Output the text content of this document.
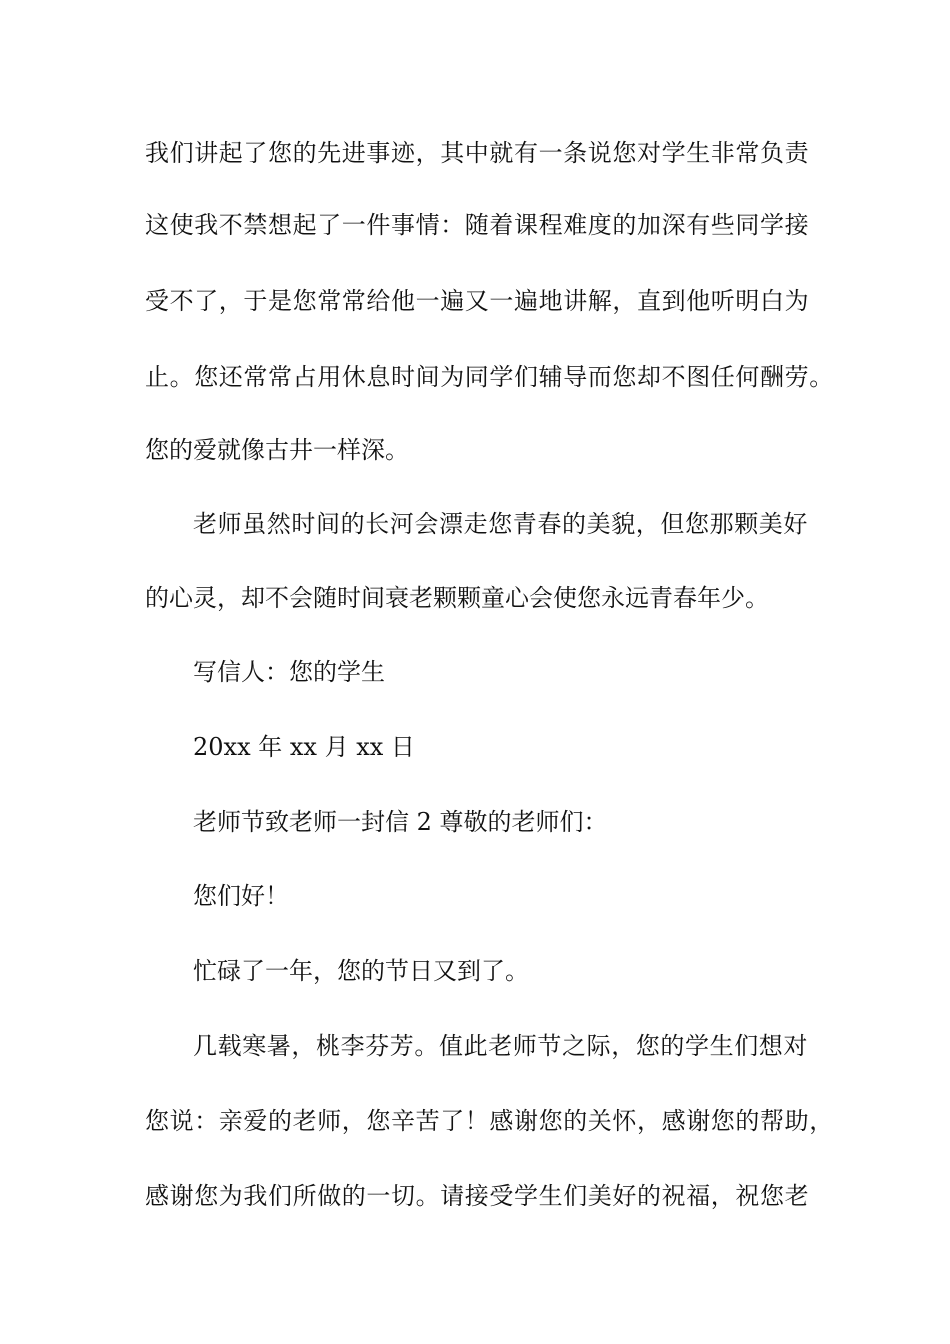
我们讲起了您的先进事迹，其中就有一条说您对学生非常负责

这使我不禁想起了一件事情：随着课程难度的加深有些同学接

受不了，于是您常常给他一遍又一遍地讲解，直到他听明白为

止。您还常常占用休息时间为同学们辅导而您却不图任何酬劳。

您的爱就像古井一样深。

老师虽然时间的长河会漂走您青春的美貌，但您那颗美好

的心灵，却不会随时间衰老颗颗童心会使您永远青春年少。

写信人：您的学生

20xx 年 xx 月 xx 日

老师节致老师一封信 2 尊敬的老师们：

您们好！

忙碌了一年，您的节日又到了。

几载寒暑，桃李芬芳。值此老师节之际，您的学生们想对

您说：亲爱的老师，您辛苦了！感谢您的关怀，感谢您的帮助，

感谢您为我们所做的一切。请接受学生们美好的祝福，祝您老
